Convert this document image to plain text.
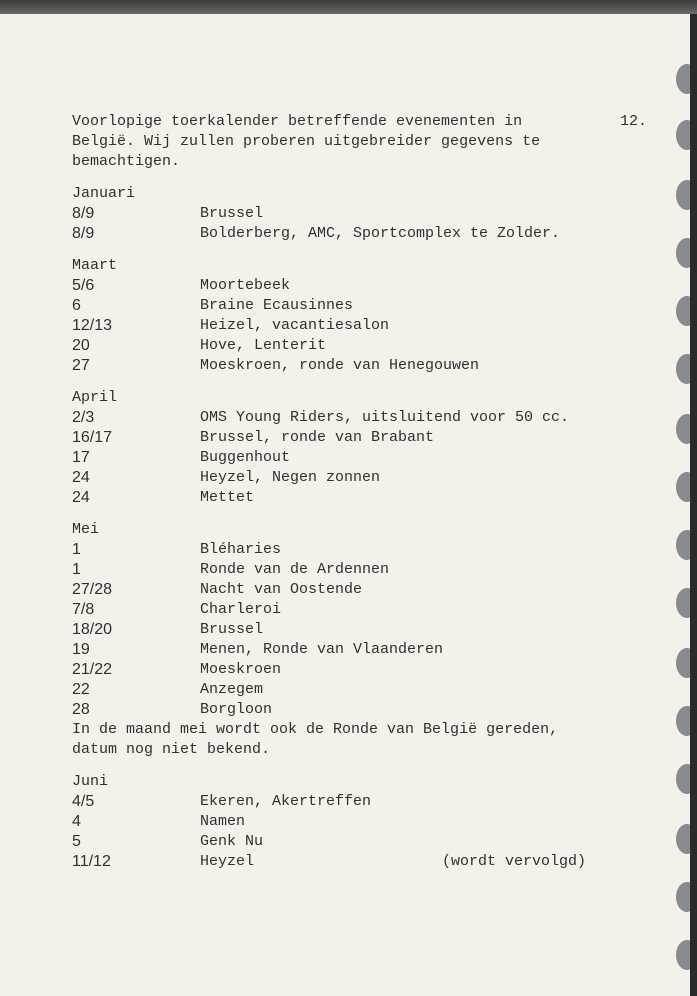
12.

Voorlopige toerkalender betreffende evenementen in
België. Wij zullen proberen uitgebreider gegevens te
bemachtigen.

Januari

8/9	Brussel
8/9	Bolderberg, AMC, Sportcomplex te Zolder.

Maart

5/6	Moortebeek
6	Braine Ecausinnes
12/13	Heizel, vacantiesalon
20	Hove, Lenterit
27	Moeskroen, ronde van Henegouwen

April

2/3	OMS Young Riders, uitsluitend voor 50 cc.
16/17	Brussel, ronde van Brabant
17	Buggenhout
24	Heyzel, Negen zonnen
24	Mettet

Mei

1	Bléharies
1	Ronde van de Ardennen
27/28	Nacht van Oostende
7/8	Charleroi
18/20	Brussel
19	Menen, Ronde van Vlaanderen
21/22	Moeskroen
22	Anzegem
28	Borgloon

In de maand mei wordt ook de Ronde van België gereden,
datum nog niet bekend.

Juni

4/5	Ekeren, Akertreffen
4	Namen
5	Genk Nu
11/12	Heyzel	(wordt vervolgd)
